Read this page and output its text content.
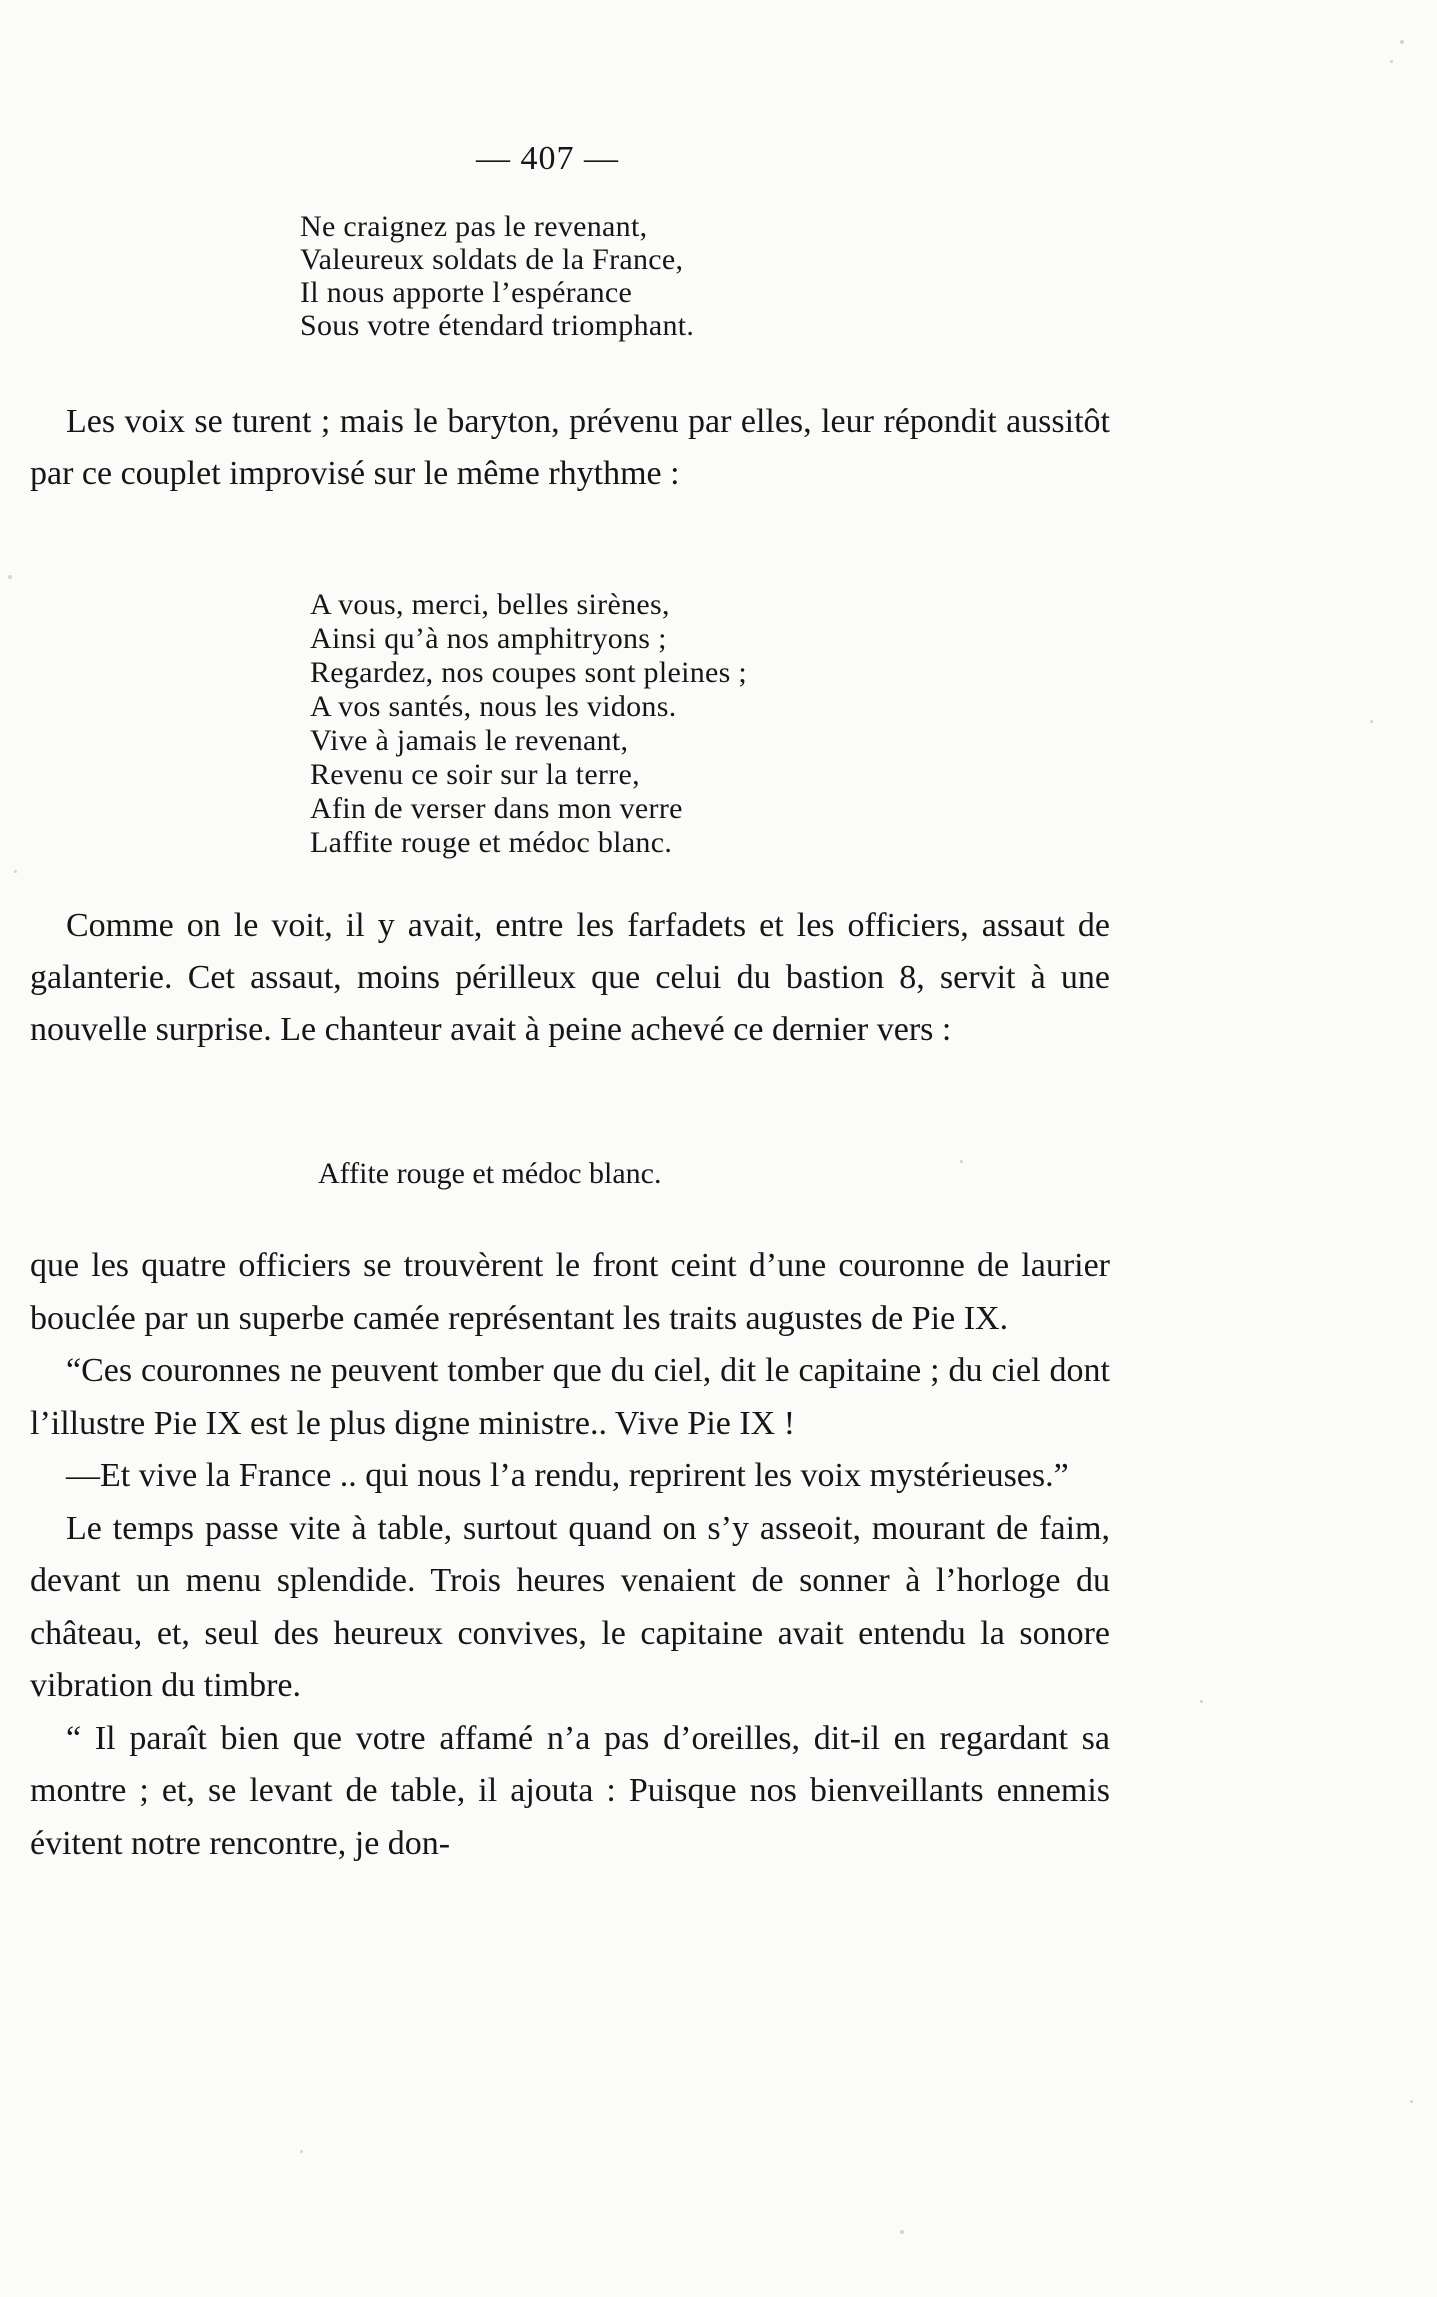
— 407 —
Ne craignez pas le revenant,
Valeureux soldats de la France,
Il nous apporte l’espérance
Sous votre étendard triomphant.

Les voix se turent ; mais le baryton, prévenu par elles, leur répondit aussitôt par ce couplet improvisé sur le même rhythme :

A vous, merci, belles sirènes,
Ainsi qu’à nos amphitryons ;
Regardez, nos coupes sont pleines ;
A vos santés, nous les vidons.
Vive à jamais le revenant,
Revenu ce soir sur la terre,
Afin de verser dans mon verre
Laffite rouge et médoc blanc.

Comme on le voit, il y avait, entre les farfadets et les officiers, assaut de galanterie. Cet assaut, moins périlleux que celui du bastion 8, servit à une nouvelle surprise. Le chanteur avait à peine achevé ce dernier vers :

Affite rouge et médoc blanc.

que les quatre officiers se trouvèrent le front ceint d’une couronne de laurier bouclée par un superbe camée représentant les traits augustes de Pie IX.

“Ces couronnes ne peuvent tomber que du ciel, dit le capitaine ; du ciel dont l’illustre Pie IX est le plus digne ministre.. Vive Pie IX !

—Et vive la France .. qui nous l’a rendu, reprirent les voix mystérieuses.”

Le temps passe vite à table, surtout quand on s’y asseoit, mourant de faim, devant un menu splendide. Trois heures venaient de sonner à l’horloge du château, et, seul des heureux convives, le capitaine avait entendu la sonore vibration du timbre.

“ Il paraît bien que votre affamé n’a pas d’oreilles, dit-il en regardant sa montre ; et, se levant de table, il ajouta : Puisque nos bienveillants ennemis évitent notre rencontre, je don-
